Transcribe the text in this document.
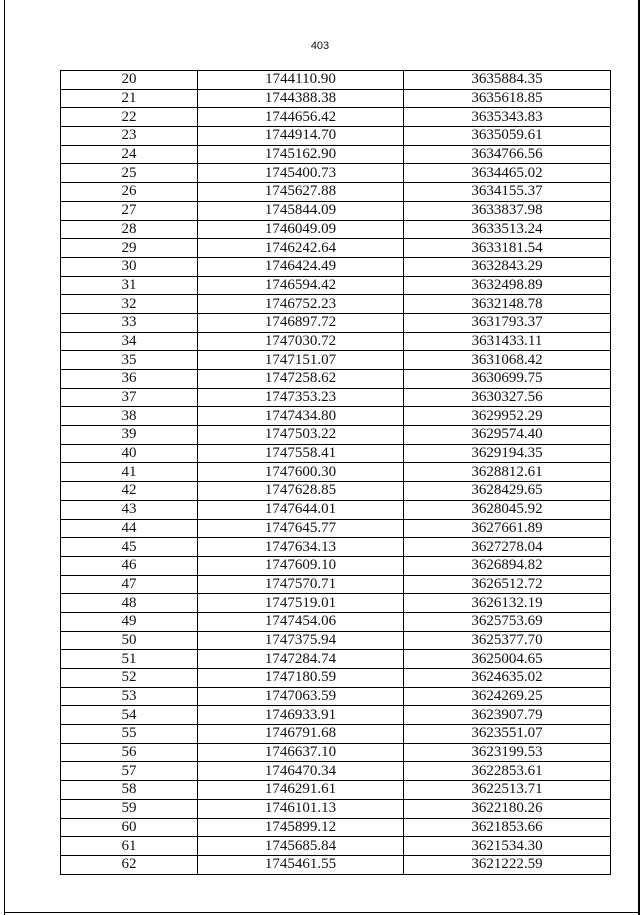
403
20	1744110.90	3635884.35
21	1744388.38	3635618.85
22	1744656.42	3635343.83
23	1744914.70	3635059.61
24	1745162.90	3634766.56
25	1745400.73	3634465.02
26	1745627.88	3634155.37
27	1745844.09	3633837.98
28	1746049.09	3633513.24
29	1746242.64	3633181.54
30	1746424.49	3632843.29
31	1746594.42	3632498.89
32	1746752.23	3632148.78
33	1746897.72	3631793.37
34	1747030.72	3631433.11
35	1747151.07	3631068.42
36	1747258.62	3630699.75
37	1747353.23	3630327.56
38	1747434.80	3629952.29
39	1747503.22	3629574.40
40	1747558.41	3629194.35
41	1747600.30	3628812.61
42	1747628.85	3628429.65
43	1747644.01	3628045.92
44	1747645.77	3627661.89
45	1747634.13	3627278.04
46	1747609.10	3626894.82
47	1747570.71	3626512.72
48	1747519.01	3626132.19
49	1747454.06	3625753.69
50	1747375.94	3625377.70
51	1747284.74	3625004.65
52	1747180.59	3624635.02
53	1747063.59	3624269.25
54	1746933.91	3623907.79
55	1746791.68	3623551.07
56	1746637.10	3623199.53
57	1746470.34	3622853.61
58	1746291.61	3622513.71
59	1746101.13	3622180.26
60	1745899.12	3621853.66
61	1745685.84	3621534.30
62	1745461.55	3621222.59
